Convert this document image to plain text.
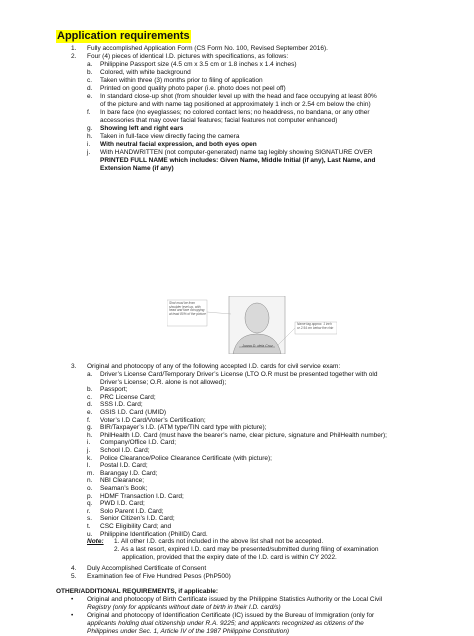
Application requirements
1. Fully accomplished Application Form (CS Form No. 100, Revised September 2016).
2. Four (4) pieces of identical I.D. pictures with specifications, as follows:
a. Philippine Passport size (4.5 cm x 3.5 cm or 1.8 inches x 1.4 inches)
b. Colored, with white background
c. Taken within three (3) months prior to filing of application
d. Printed on good quality photo paper (i.e. photo does not peel off)
e. In standard close-up shot (from shoulder level up with the head and face occupying at least 80%
of the picture and with name tag positioned at approximately 1 inch or 2.54 cm below the chin)
f. In bare face (no eyeglasses; no colored contact lens; no headdress, no bandana, or any other
accessories that may cover facial features; facial features not computer enhanced)
g. Showing left and right ears
h. Taken in full-face view directly facing the camera
i. With neutral facial expression, and both eyes open
j. With HANDWRITTEN (not computer-generated) name tag legibly showing SIGNATURE OVER
PRINTED FULL NAME which includes: Given Name, Middle Initial (if any), Last Name, and
Extension Name (if any)
Shot must be from shoulder level up, with head and face occupying at least 80% of the picture
Juana D. dela Cruz
Name tag approx. 1 inch or 2.54 cm below the chin
3. Original and photocopy of any of the following accepted I.D. cards for civil service exam:
a. Driver’s License Card/Temporary Driver’s License (LTO O.R must be presented together with old
Driver’s License; O.R. alone is not allowed);
b. Passport;
c. PRC License Card;
d. SSS I.D. Card;
e. GSIS I.D. Card (UMID)
f. Voter’s I.D Card/Voter’s Certification;
g. BIR/Taxpayer’s I.D. (ATM type/TIN card type with picture);
h. PhilHealth I.D. Card (must have the bearer’s name, clear picture, signature and PhilHealth number);
i. Company/Office I.D. Card;
j. School I.D. Card;
k. Police Clearance/Police Clearance Certificate (with picture);
l. Postal I.D. Card;
m. Barangay I.D. Card;
n. NBI Clearance;
o. Seaman’s Book;
p. HDMF Transaction I.D. Card;
q. PWD I.D. Card;
r. Solo Parent I.D. Card;
s. Senior Citizen’s I.D. Card;
t. CSC Eligibility Card; and
u. Philippine Identification (PhilID) Card.
Note: 1. All other I.D. cards not included in the above list shall not be accepted.
2. As a last resort, expired I.D. card may be presented/submitted during filing of examination
application, provided that the expiry date of the I.D. card is within CY 2022.
4. Duly Accomplished Certificate of Consent
5. Examination fee of Five Hundred Pesos (PhP500)
OTHER/ADDITIONAL REQUIREMENTS, if applicable:
• Original and photocopy of Birth Certificate issued by the Philippine Statistics Authority or the Local Civil
Registry (only for applicants without date of birth in their I.D. card/s)
• Original and photocopy of Identification Certificate (IC) issued by the Bureau of Immigration (only for
applicants holding dual citizenship under R.A. 9225; and applicants recognized as citizens of the
Philippines under Sec. 1, Article IV of the 1987 Philippine Constitution)
